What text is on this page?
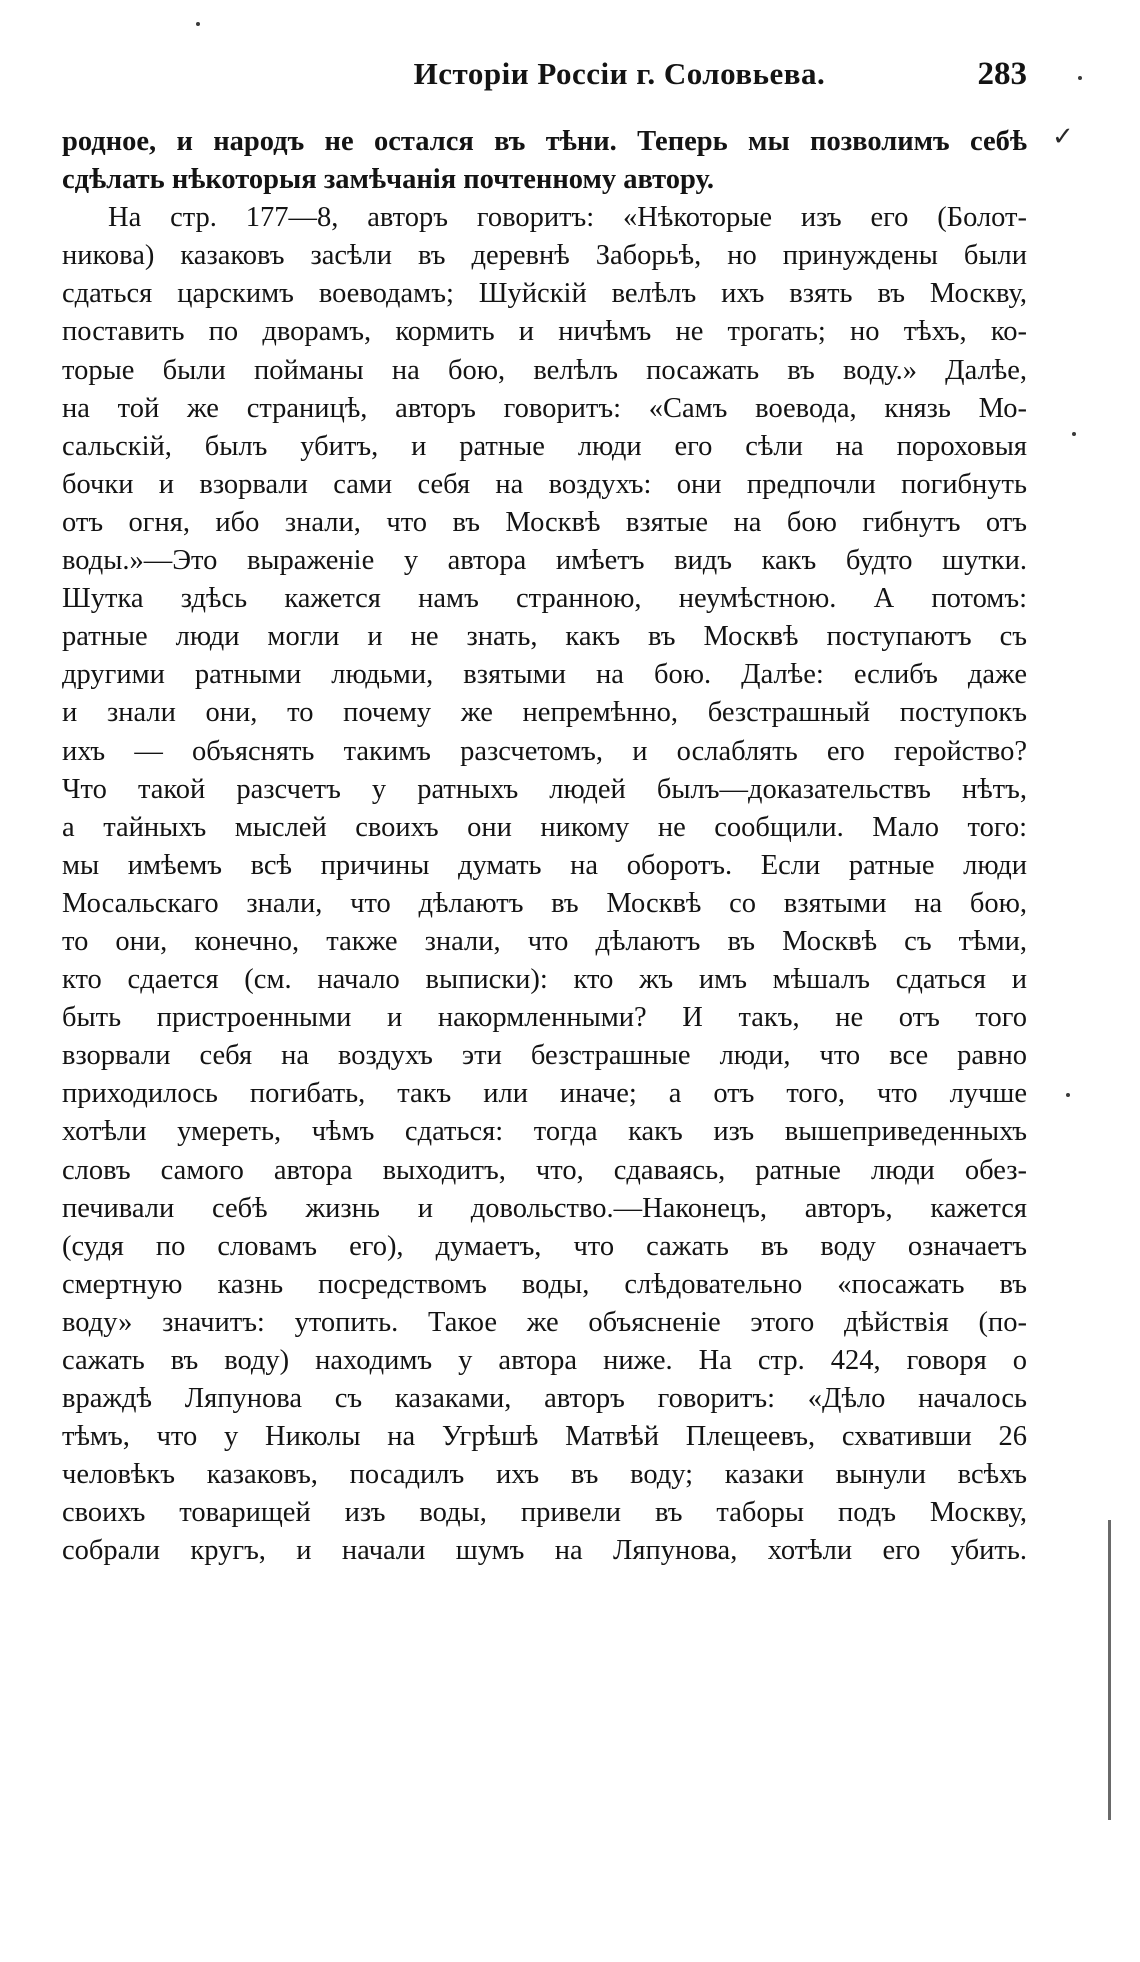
Исторіи Россіи г. Соловьева.	283
✓
родное, и народъ не остался въ тѣни. Теперь мы позволимъ себѣ
сдѣлать нѣкоторыя замѣчанія почтенному автору.
На стр. 177—8, авторъ говоритъ: «Нѣкоторые изъ его (Болот-
никова) казаковъ засѣли въ деревнѣ Заборьѣ, но принуждены были
сдаться царскимъ воеводамъ; Шуйскій велѣлъ ихъ взять въ Москву,
поставить по дворамъ, кормить и ничѣмъ не трогать; но тѣхъ, ко-
торые были пойманы на бою, велѣлъ посажать въ воду.» Далѣе,
на той же страницѣ, авторъ говоритъ: «Самъ воевода, князь Мо-
сальскій, былъ убитъ, и ратные люди его сѣли на пороховыя
бочки и взорвали сами себя на воздухъ: они предпочли погибнуть
отъ огня, ибо знали, что въ Москвѣ взятые на бою гибнутъ отъ
воды.»—Это выраженіе у автора имѣетъ видъ какъ будто шутки.
Шутка здѣсь кажется намъ странною, неумѣстною. А потомъ:
ратные люди могли и не знать, какъ въ Москвѣ поступаютъ съ
другими ратными людьми, взятыми на бою. Далѣе: еслибъ даже
и знали они, то почему же непремѣнно, безстрашный поступокъ
ихъ — объяснять такимъ разсчетомъ, и ослаблять его геройство?
Что такой разсчетъ у ратныхъ людей былъ—доказательствъ нѣтъ,
а тайныхъ мыслей своихъ они никому не сообщили. Мало того:
мы имѣемъ всѣ причины думать на оборотъ. Если ратные люди
Мосальскаго знали, что дѣлаютъ въ Москвѣ со взятыми на бою,
то они, конечно, также знали, что дѣлаютъ въ Москвѣ съ тѣми,
кто сдается (см. начало выписки): кто жъ имъ мѣшалъ сдаться и
быть пристроенными и накормленными? И такъ, не отъ того
взорвали себя на воздухъ эти безстрашные люди, что все равно
приходилось погибать, такъ или иначе; а отъ того, что лучше
хотѣли умереть, чѣмъ сдаться: тогда какъ изъ вышеприведенныхъ
словъ самого автора выходитъ, что, сдаваясь, ратные люди обез-
печивали себѣ жизнь и довольство.—Наконецъ, авторъ, кажется
(судя по словамъ его), думаетъ, что сажать въ воду означаетъ
смертную казнь посредствомъ воды, слѣдовательно «посажать въ
воду» значитъ: утопить. Такое же объясненіе этого дѣйствія (по-
сажать въ воду) находимъ у автора ниже. На стр. 424, говоря о
враждѣ Ляпунова съ казаками, авторъ говоритъ: «Дѣло началось
тѣмъ, что у Николы на Угрѣшѣ Матвѣй Плещеевъ, схвативши 26
человѣкъ казаковъ, посадилъ ихъ въ воду; казаки вынули всѣхъ
своихъ товарищей изъ воды, привели въ таборы подъ Москву,
собрали кругъ, и начали шумъ на Ляпунова, хотѣли его убить.
